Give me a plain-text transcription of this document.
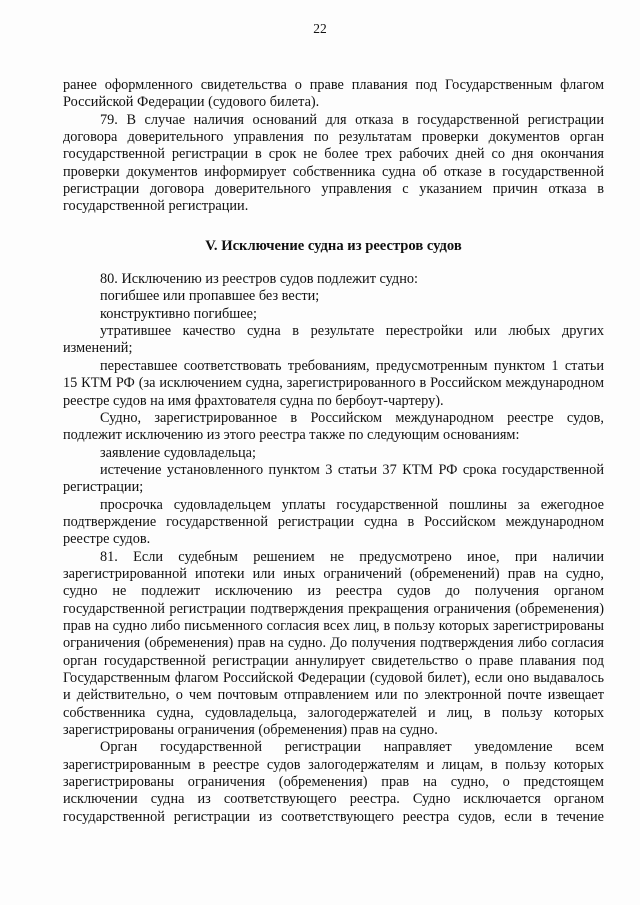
22

ранее оформленного свидетельства о праве плавания под Государственным флагом Российской Федерации (судового билета).

79. В случае наличия оснований для отказа в государственной регистрации договора доверительного управления по результатам проверки документов орган государственной регистрации в срок не более трех рабочих дней со дня окончания проверки документов информирует собственника судна об отказе в государственной регистрации договора доверительного управления с указанием причин отказа в государственной регистрации.

V. Исключение судна из реестров судов

80. Исключению из реестров судов подлежит судно:

погибшее или пропавшее без вести;

конструктивно погибшее;

утратившее качество судна в результате перестройки или любых других изменений;

переставшее соответствовать требованиям, предусмотренным пунктом 1 статьи 15 КТМ РФ (за исключением судна, зарегистрированного в Российском международном реестре судов на имя фрахтователя судна по бербоут-чартеру).

Судно, зарегистрированное в Российском международном реестре судов, подлежит исключению из этого реестра также по следующим основаниям:

заявление судовладельца;

истечение установленного пунктом 3 статьи 37 КТМ РФ срока государственной регистрации;

просрочка судовладельцем уплаты государственной пошлины за ежегодное подтверждение государственной регистрации судна в Российском международном реестре судов.

81. Если судебным решением не предусмотрено иное, при наличии зарегистрированной ипотеки или иных ограничений (обременений) прав на судно, судно не подлежит исключению из реестра судов до получения органом государственной регистрации подтверждения прекращения ограничения (обременения) прав на судно либо письменного согласия всех лиц, в пользу которых зарегистрированы ограничения (обременения) прав на судно. До получения подтверждения либо согласия орган государственной регистрации аннулирует свидетельство о праве плавания под Государственным флагом Российской Федерации (судовой билет), если оно выдавалось и действительно, о чем почтовым отправлением или по электронной почте извещает собственника судна, судовладельца, залогодержателей и лиц, в пользу которых зарегистрированы ограничения (обременения) прав на судно.

Орган государственной регистрации направляет уведомление всем зарегистрированным в реестре судов залогодержателям и лицам, в пользу которых зарегистрированы ограничения (обременения) прав на судно, о предстоящем исключении судна из соответствующего реестра. Судно исключается органом государственной регистрации из соответствующего реестра судов, если в течение
